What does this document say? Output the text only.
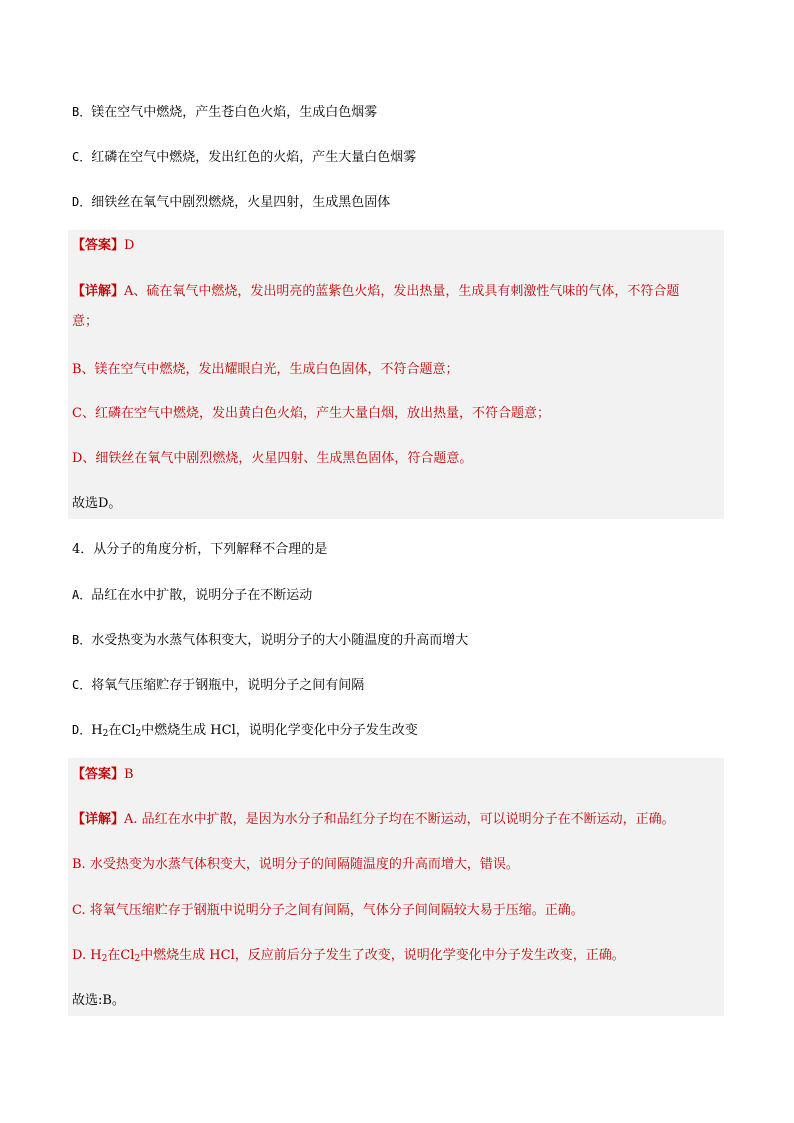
B．镁在空气中燃烧，产生苍白色火焰，生成白色烟雾
C．红磷在空气中燃烧，发出红色的火焰，产生大量白色烟雾
D．细铁丝在氧气中剧烈燃烧，火星四射，生成黑色固体
【答案】D
【详解】A、硫在氧气中燃烧，发出明亮的蓝紫色火焰，发出热量，生成具有刺激性气味的气体，不符合题
意；
B、镁在空气中燃烧，发出耀眼白光，生成白色固体，不符合题意；
C、红磷在空气中燃烧，发出黄白色火焰，产生大量白烟，放出热量，不符合题意；
D、细铁丝在氧气中剧烈燃烧，火星四射、生成黑色固体，符合题意。
故选D。
4．从分子的角度分析，下列解释不合理的是
A．品红在水中扩散，说明分子在不断运动
B．水受热变为水蒸气体积变大，说明分子的大小随温度的升高而增大
C．将氧气压缩贮存于钢瓶中，说明分子之间有间隔
D．$H_2$在$Cl_2$中燃烧生成 HCl，说明化学变化中分子发生改变
【答案】B
【详解】A. 品红在水中扩散，是因为水分子和品红分子均在不断运动，可以说明分子在不断运动，正确。
B. 水受热变为水蒸气体积变大，说明分子的间隔随温度的升高而增大，错误。
C. 将氧气压缩贮存于钢瓶中说明分子之间有间隔，气体分子间间隔较大易于压缩。正确。
D. $H_2$在$Cl_2$中燃烧生成 HCl，反应前后分子发生了改变，说明化学变化中分子发生改变，正确。
故选:B。
